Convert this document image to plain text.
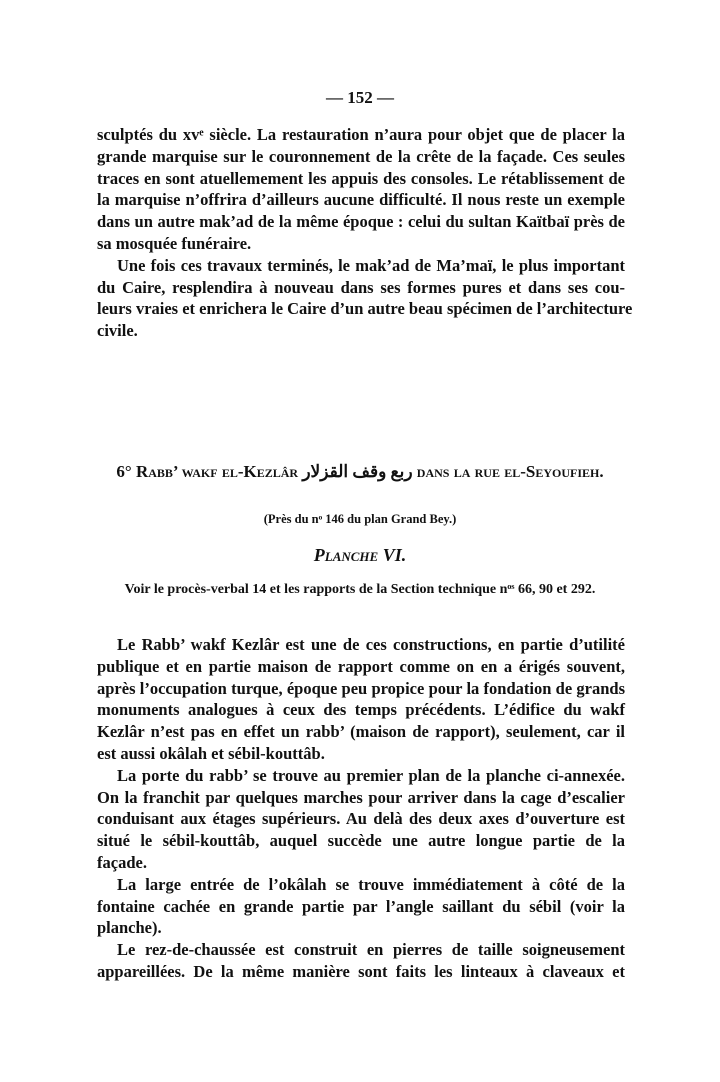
— 152 —
sculptés du xvᵉ siècle. La restauration n’aura pour objet que de placer la
grande marquise sur le couronnement de la crête de la façade. Ces seules
traces en sont atuellemement les appuis des consoles. Le rétablissement de
la marquise n’offrira d’ailleurs aucune difficulté. Il nous reste un exemple
dans un autre mak’ad de la même époque : celui du sultan Kaïtbaï près de
sa mosquée funéraire.
Une fois ces travaux terminés, le mak’ad de Ma’maï, le plus important
du Caire, resplendira à nouveau dans ses formes pures et dans ses cou-
leurs vraies et enrichera le Caire d’un autre beau spécimen de l’architecture
civile.
6° Rabb’ wakf el-Kezlâr ربع وقف القزلار dans la rue el-Seyoufieh.
(Près du nᵒ 146 du plan Grand Bey.)
Planche VI.
Voir le procès-verbal 14 et les rapports de la Section technique nᵒˢ 66, 90 et 292.
Le Rabb’ wakf Kezlâr est une de ces constructions, en partie d’utilité
publique et en partie maison de rapport comme on en a érigés souvent,
après l’occupation turque, époque peu propice pour la fondation de grands
monuments analogues à ceux des temps précédents. L’édifice du wakf
Kezlâr n’est pas en effet un rabb’ (maison de rapport), seulement, car il
est aussi okâlah et sébil-kouttâb.
La porte du rabb’ se trouve au premier plan de la planche ci-annexée.
On la franchit par quelques marches pour arriver dans la cage d’escalier
conduisant aux étages supérieurs. Au delà des deux axes d’ouverture est
situé le sébil-kouttâb, auquel succède une autre longue partie de la
façade.
La large entrée de l’okâlah se trouve immédiatement à côté de la
fontaine cachée en grande partie par l’angle saillant du sébil (voir la
planche).
Le rez-de-chaussée est construit en pierres de taille soigneusement
appareillées. De la même manière sont faits les linteaux à claveaux et
